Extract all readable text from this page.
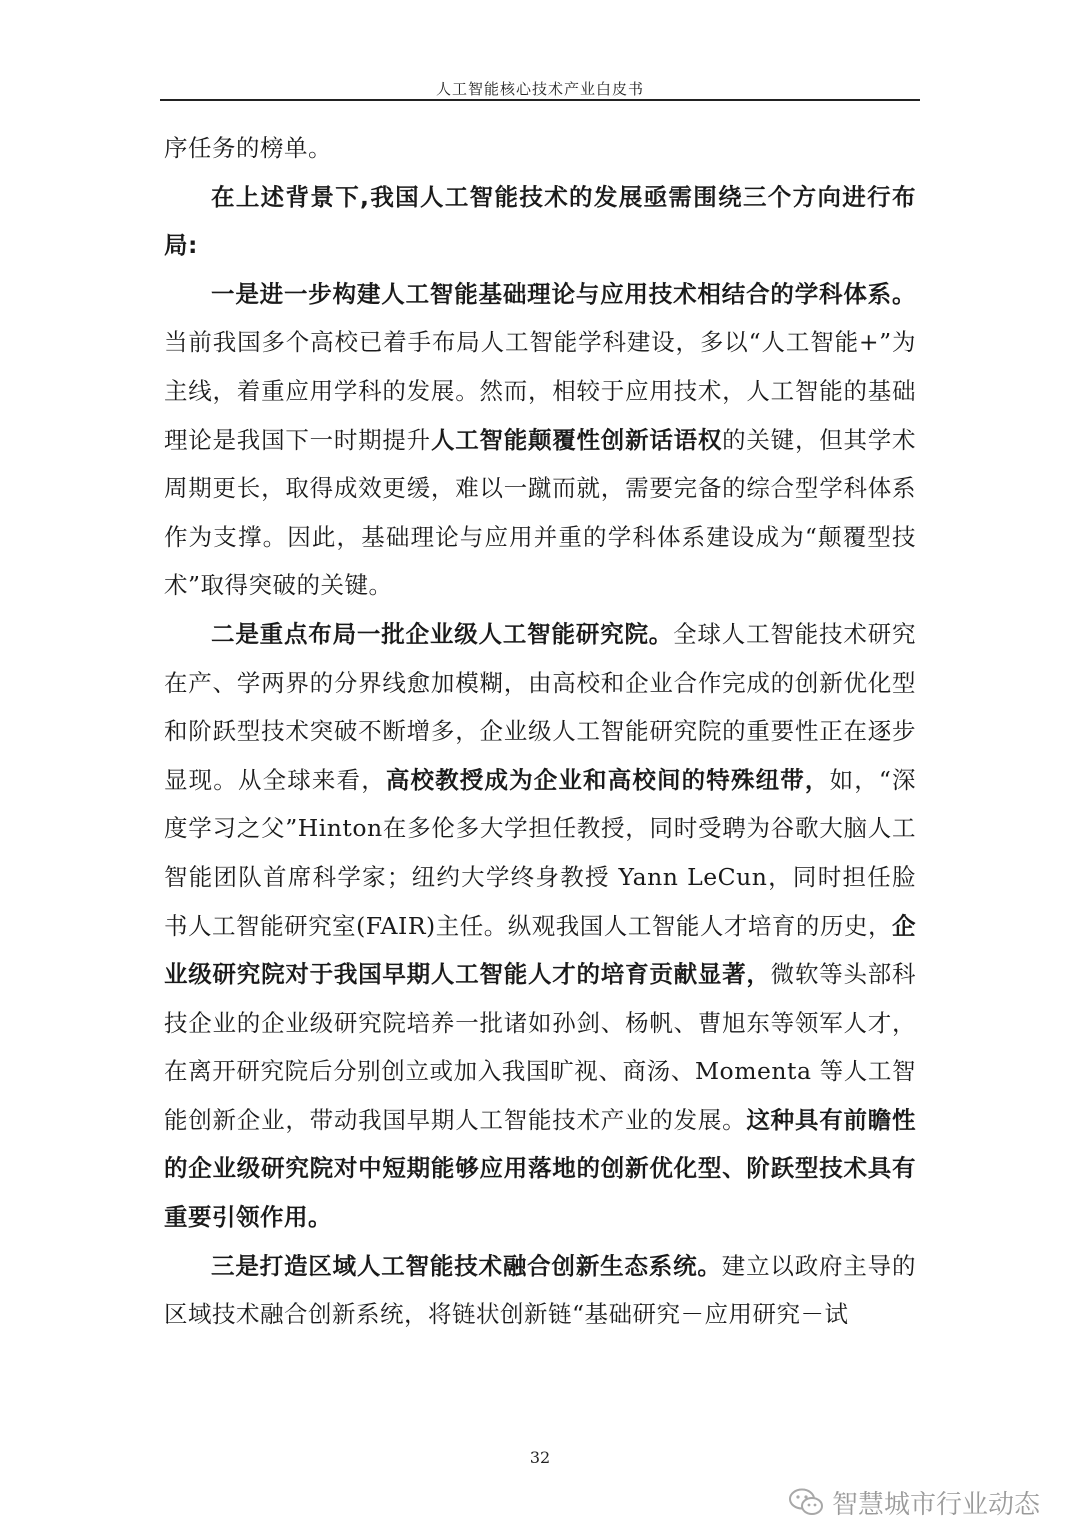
人工智能核心技术产业白皮书

序任务的榜单。

在上述背景下,我国人工智能技术的发展亟需围绕三个方向进行布局:

一是进一步构建人工智能基础理论与应用技术相结合的学科体系。当前我国多个高校已着手布局人工智能学科建设，多以“人工智能+”为主线，着重应用学科的发展。然而，相较于应用技术，人工智能的基础理论是我国下一时期提升人工智能颠覆性创新话语权的关键，但其学术周期更长，取得成效更缓，难以一蹴而就，需要完备的综合型学科体系作为支撑。因此，基础理论与应用并重的学科体系建设成为“颠覆型技术”取得突破的关键。

二是重点布局一批企业级人工智能研究院。全球人工智能技术研究在产、学两界的分界线愈加模糊，由高校和企业合作完成的创新优化型和阶跃型技术突破不断增多，企业级人工智能研究院的重要性正在逐步显现。从全球来看，高校教授成为企业和高校间的特殊纽带，如，“深度学习之父”Hinton在多伦多大学担任教授，同时受聘为谷歌大脑人工智能团队首席科学家；纽约大学终身教授 Yann LeCun，同时担任脸书人工智能研究室(FAIR)主任。纵观我国人工智能人才培育的历史，企业级研究院对于我国早期人工智能人才的培育贡献显著，微软等头部科技企业的企业级研究院培养一批诸如孙剑、杨帆、曹旭东等领军人才，在离开研究院后分别创立或加入我国旷视、商汤、Momenta 等人工智能创新企业，带动我国早期人工智能技术产业的发展。这种具有前瞻性的企业级研究院对中短期能够应用落地的创新优化型、阶跃型技术具有重要引领作用。

三是打造区域人工智能技术融合创新生态系统。建立以政府主导的区域技术融合创新系统，将链状创新链“基础研究－应用研究－试

32
智慧城市行业动态
